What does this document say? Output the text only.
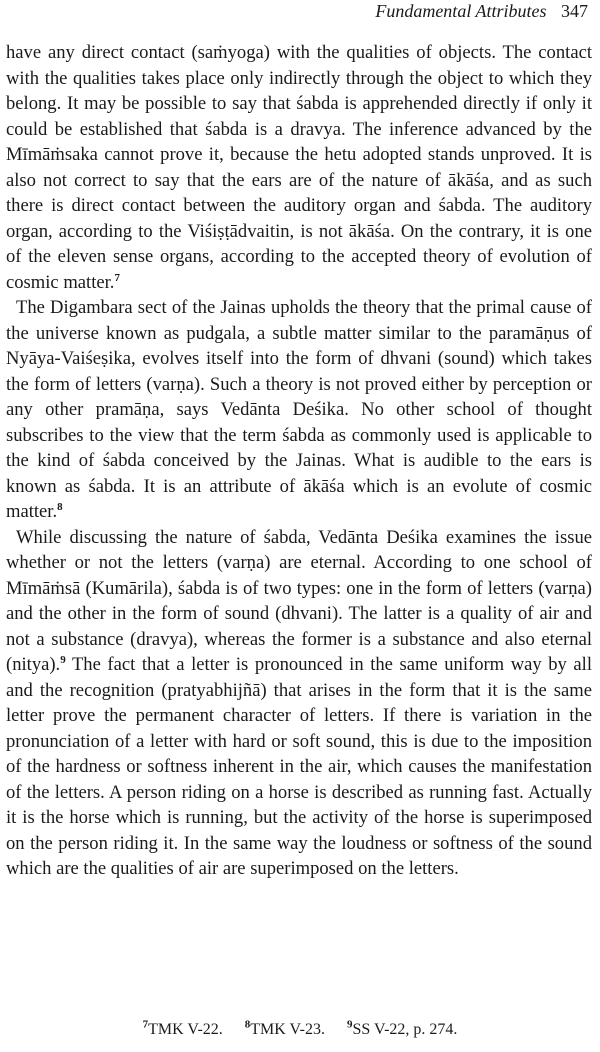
Fundamental Attributes 347

have any direct contact (saṁyoga) with the qualities of objects. The contact with the qualities takes place only indirectly through the object to which they belong. It may be possible to say that śabda is apprehended directly if only it could be established that śabda is a dravya. The inference advanced by the Mīmāṁsaka cannot prove it, because the hetu adopted stands unproved. It is also not correct to say that the ears are of the nature of ākāśa, and as such there is direct contact between the auditory organ and śabda. The auditory organ, according to the Viśiṣṭādvaitin, is not ākāśa. On the contrary, it is one of the eleven sense organs, according to the accepted theory of evolution of cosmic matter.$^7$

The Digambara sect of the Jainas upholds the theory that the primal cause of the universe known as pudgala, a subtle matter similar to the paramāṇus of Nyāya-Vaiśeṣika, evolves itself into the form of dhvani (sound) which takes the form of letters (varṇa). Such a theory is not proved either by perception or any other pramāṇa, says Vedānta Deśika. No other school of thought subscribes to the view that the term śabda as commonly used is applicable to the kind of śabda conceived by the Jainas. What is audible to the ears is known as śabda. It is an attribute of ākāśa which is an evolute of cosmic matter.$^8$

While discussing the nature of śabda, Vedānta Deśika examines the issue whether or not the letters (varṇa) are eternal. According to one school of Mīmāṁsā (Kumārila), śabda is of two types: one in the form of letters (varṇa) and the other in the form of sound (dhvani). The latter is a quality of air and not a substance (dravya), whereas the former is a substance and also eternal (nitya).$^9$ The fact that a letter is pronounced in the same uniform way by all and the recognition (pratyabhijñā) that arises in the form that it is the same letter prove the permanent character of letters. If there is variation in the pronunciation of a letter with hard or soft sound, this is due to the imposition of the hardness or softness inherent in the air, which causes the manifestation of the letters. A person riding on a horse is described as running fast. Actually it is the horse which is running, but the activity of the horse is superimposed on the person riding it. In the same way the loudness or softness of the sound which are the qualities of air are superimposed on the letters.

$^7$TMK V-22. $^8$TMK V-23. $^9$SS V-22, p. 274.
